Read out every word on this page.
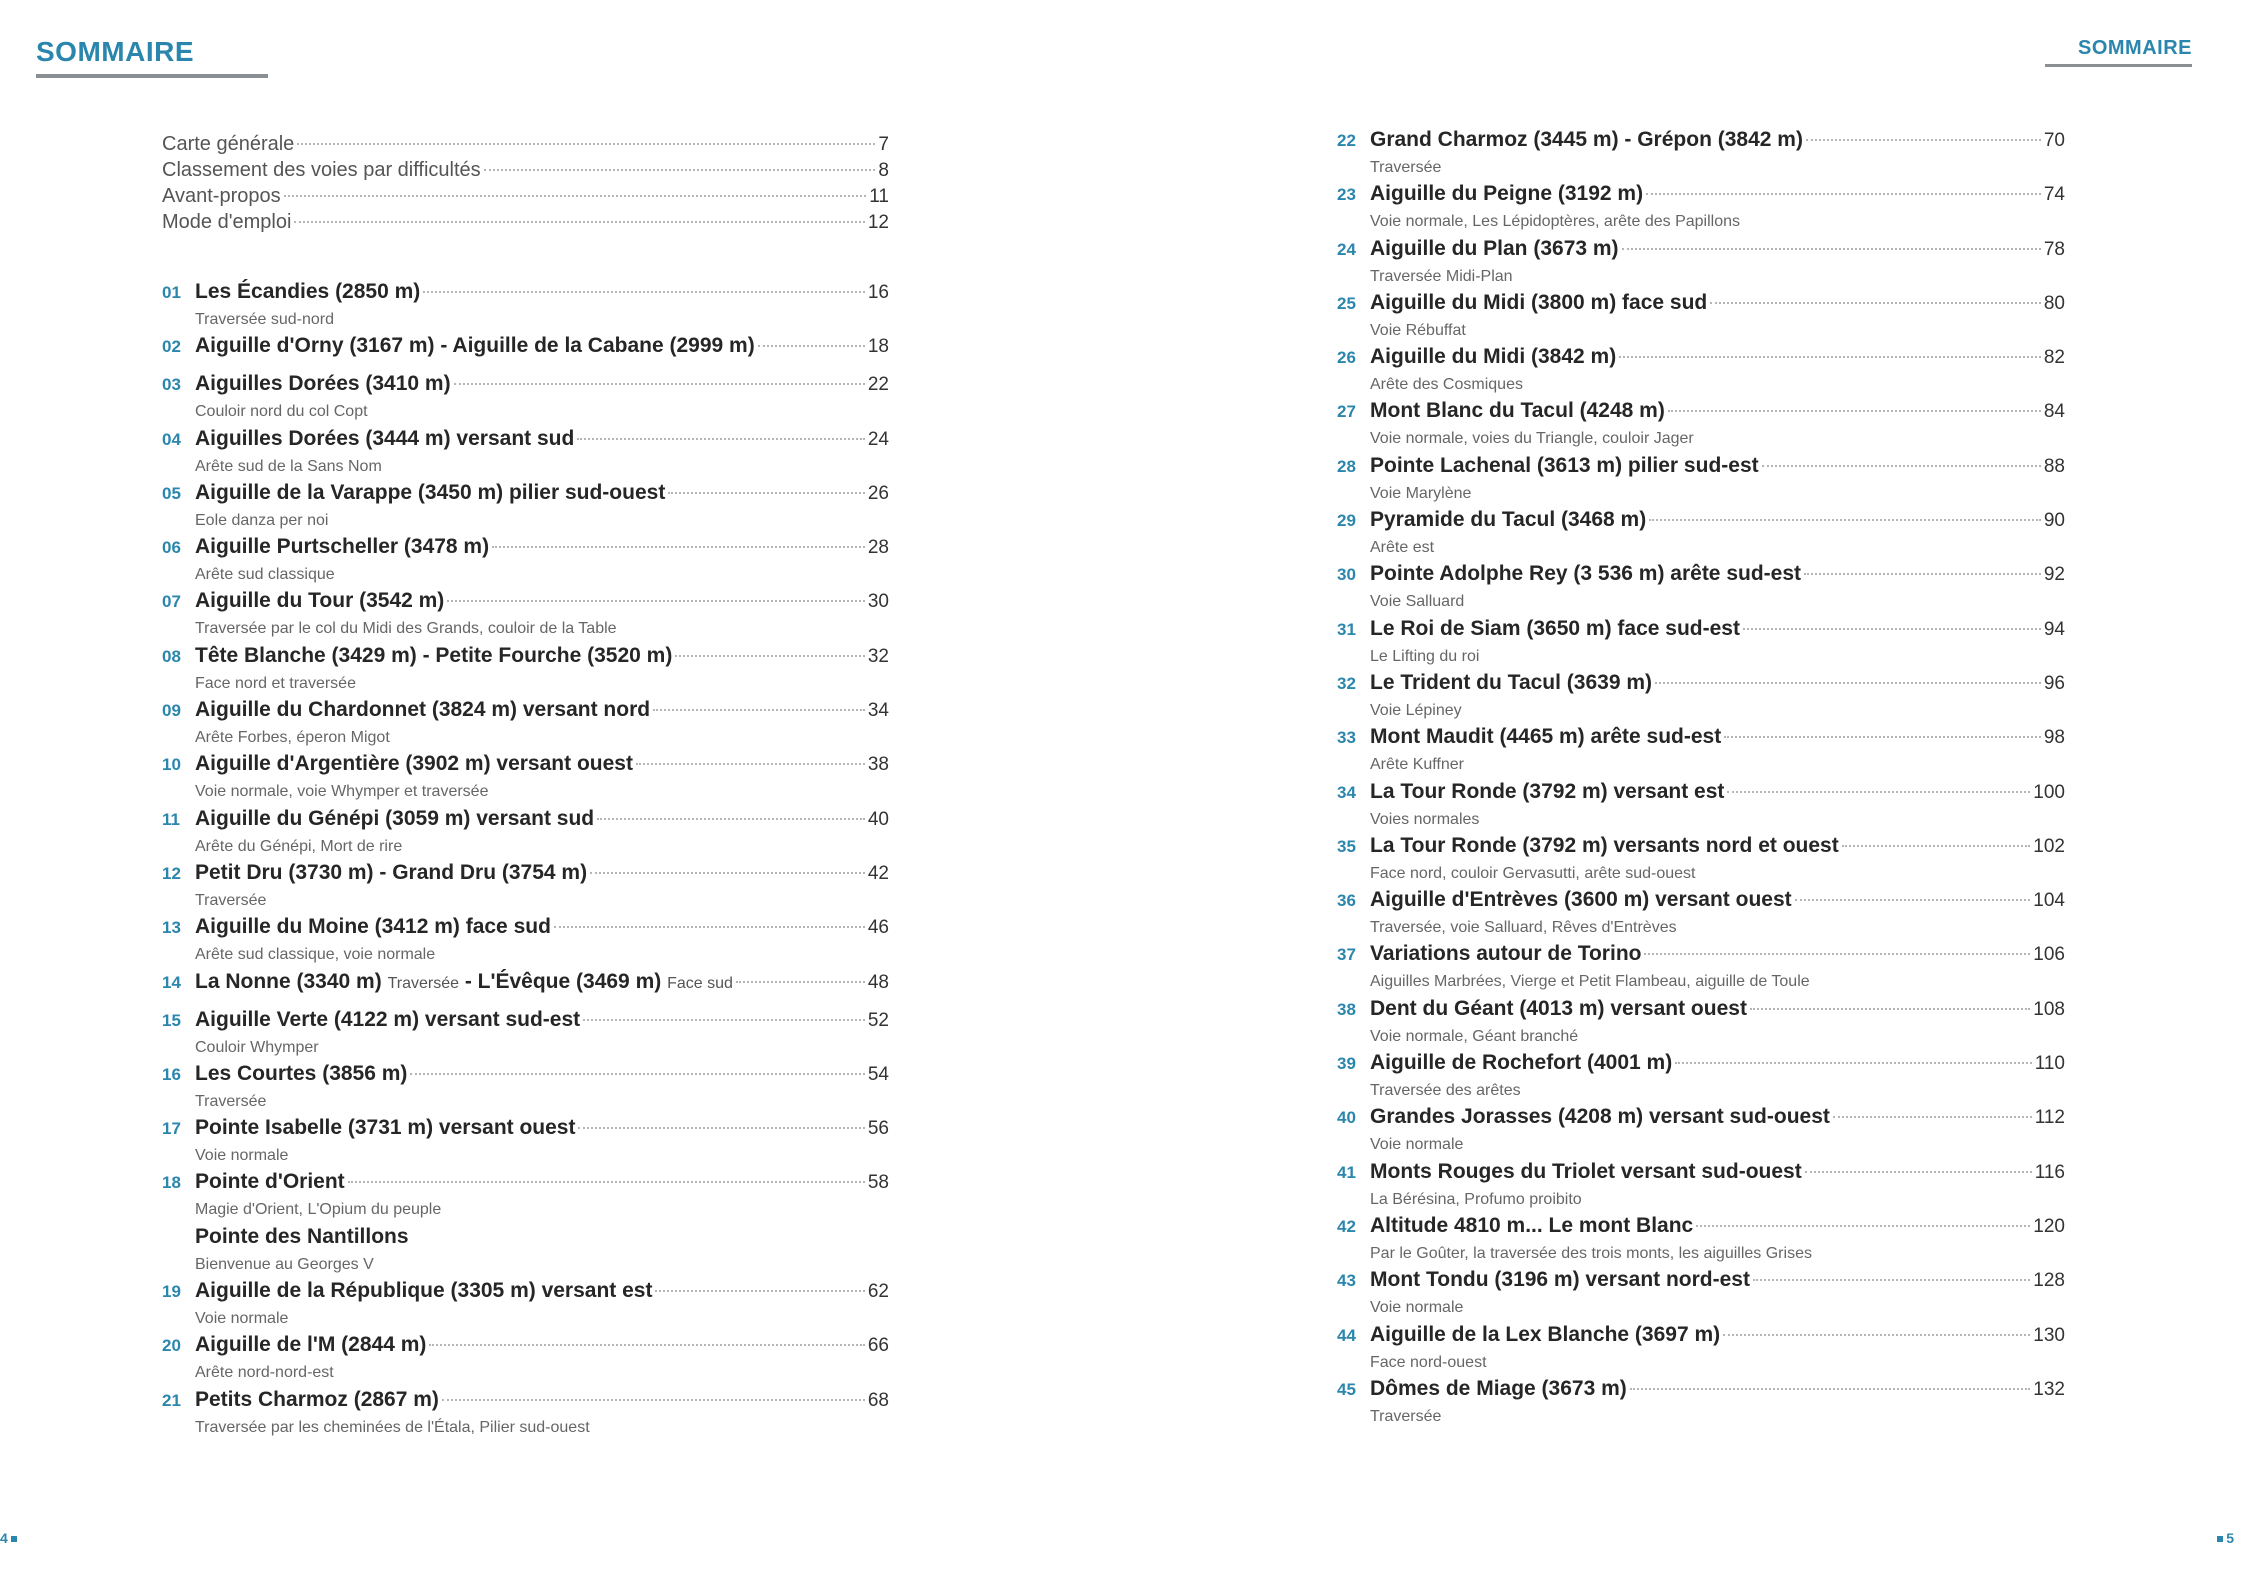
SOMMAIRE	SOMMAIRE
Carte générale	7
Classement des voies par difficultés	8
Avant-propos	11
Mode d'emploi	12
01 Les Écandies (2850 m)	16
Traversée sud-nord
02 Aiguille d'Orny (3167 m) - Aiguille de la Cabane (2999 m)	18
03 Aiguilles Dorées (3410 m)	22
Couloir nord du col Copt
04 Aiguilles Dorées (3444 m) versant sud	24
Arête sud de la Sans Nom
05 Aiguille de la Varappe (3450 m) pilier sud-ouest	26
Eole danza per noi
06 Aiguille Purtscheller (3478 m)	28
Arête sud classique
07 Aiguille du Tour (3542 m)	30
Traversée par le col du Midi des Grands, couloir de la Table
08 Tête Blanche (3429 m) - Petite Fourche (3520 m)	32
Face nord et traversée
09 Aiguille du Chardonnet (3824 m) versant nord	34
Arête Forbes, éperon Migot
10 Aiguille d'Argentière (3902 m) versant ouest	38
Voie normale, voie Whymper et traversée
11 Aiguille du Génépi (3059 m) versant sud	40
Arête du Génépi, Mort de rire
12 Petit Dru (3730 m) - Grand Dru (3754 m)	42
Traversée
13 Aiguille du Moine (3412 m) face sud	46
Arête sud classique, voie normale
14 La Nonne (3340 m) Traversée - L'Évêque (3469 m) Face sud	48
15 Aiguille Verte (4122 m) versant sud-est	52
Couloir Whymper
16 Les Courtes (3856 m)	54
Traversée
17 Pointe Isabelle (3731 m) versant ouest	56
Voie normale
18 Pointe d'Orient	58
Magie d'Orient, L'Opium du peuple
Pointe des Nantillons
Bienvenue au Georges V
19 Aiguille de la République (3305 m) versant est	62
Voie normale
20 Aiguille de l'M (2844 m)	66
Arête nord-nord-est
21 Petits Charmoz (2867 m)	68
Traversée par les cheminées de l'Étala, Pilier sud-ouest
22 Grand Charmoz (3445 m) - Grépon (3842 m)	70
Traversée
23 Aiguille du Peigne (3192 m)	74
Voie normale, Les Lépidoptères, arête des Papillons
24 Aiguille du Plan (3673 m)	78
Traversée Midi-Plan
25 Aiguille du Midi (3800 m) face sud	80
Voie Rébuffat
26 Aiguille du Midi (3842 m)	82
Arête des Cosmiques
27 Mont Blanc du Tacul (4248 m)	84
Voie normale, voies du Triangle, couloir Jager
28 Pointe Lachenal (3613 m) pilier sud-est	88
Voie Marylène
29 Pyramide du Tacul (3468 m)	90
Arête est
30 Pointe Adolphe Rey (3 536 m) arête sud-est	92
Voie Salluard
31 Le Roi de Siam (3650 m) face sud-est	94
Le Lifting du roi
32 Le Trident du Tacul (3639 m)	96
Voie Lépiney
33 Mont Maudit (4465 m) arête sud-est	98
Arête Kuffner
34 La Tour Ronde (3792 m) versant est	100
Voies normales
35 La Tour Ronde (3792 m) versants nord et ouest	102
Face nord, couloir Gervasutti, arête sud-ouest
36 Aiguille d'Entrèves (3600 m) versant ouest	104
Traversée, voie Salluard, Rêves d'Entrèves
37 Variations autour de Torino	106
Aiguilles Marbrées, Vierge et Petit Flambeau, aiguille de Toule
38 Dent du Géant (4013 m) versant ouest	108
Voie normale, Géant branché
39 Aiguille de Rochefort (4001 m)	110
Traversée des arêtes
40 Grandes Jorasses (4208 m) versant sud-ouest	112
Voie normale
41 Monts Rouges du Triolet versant sud-ouest	116
La Bérésina, Profumo proibito
42 Altitude 4810 m... Le mont Blanc	120
Par le Goûter, la traversée des trois monts, les aiguilles Grises
43 Mont Tondu (3196 m) versant nord-est	128
Voie normale
44 Aiguille de la Lex Blanche (3697 m)	130
Face nord-ouest
45 Dômes de Miage (3673 m)	132
Traversée
4	5
